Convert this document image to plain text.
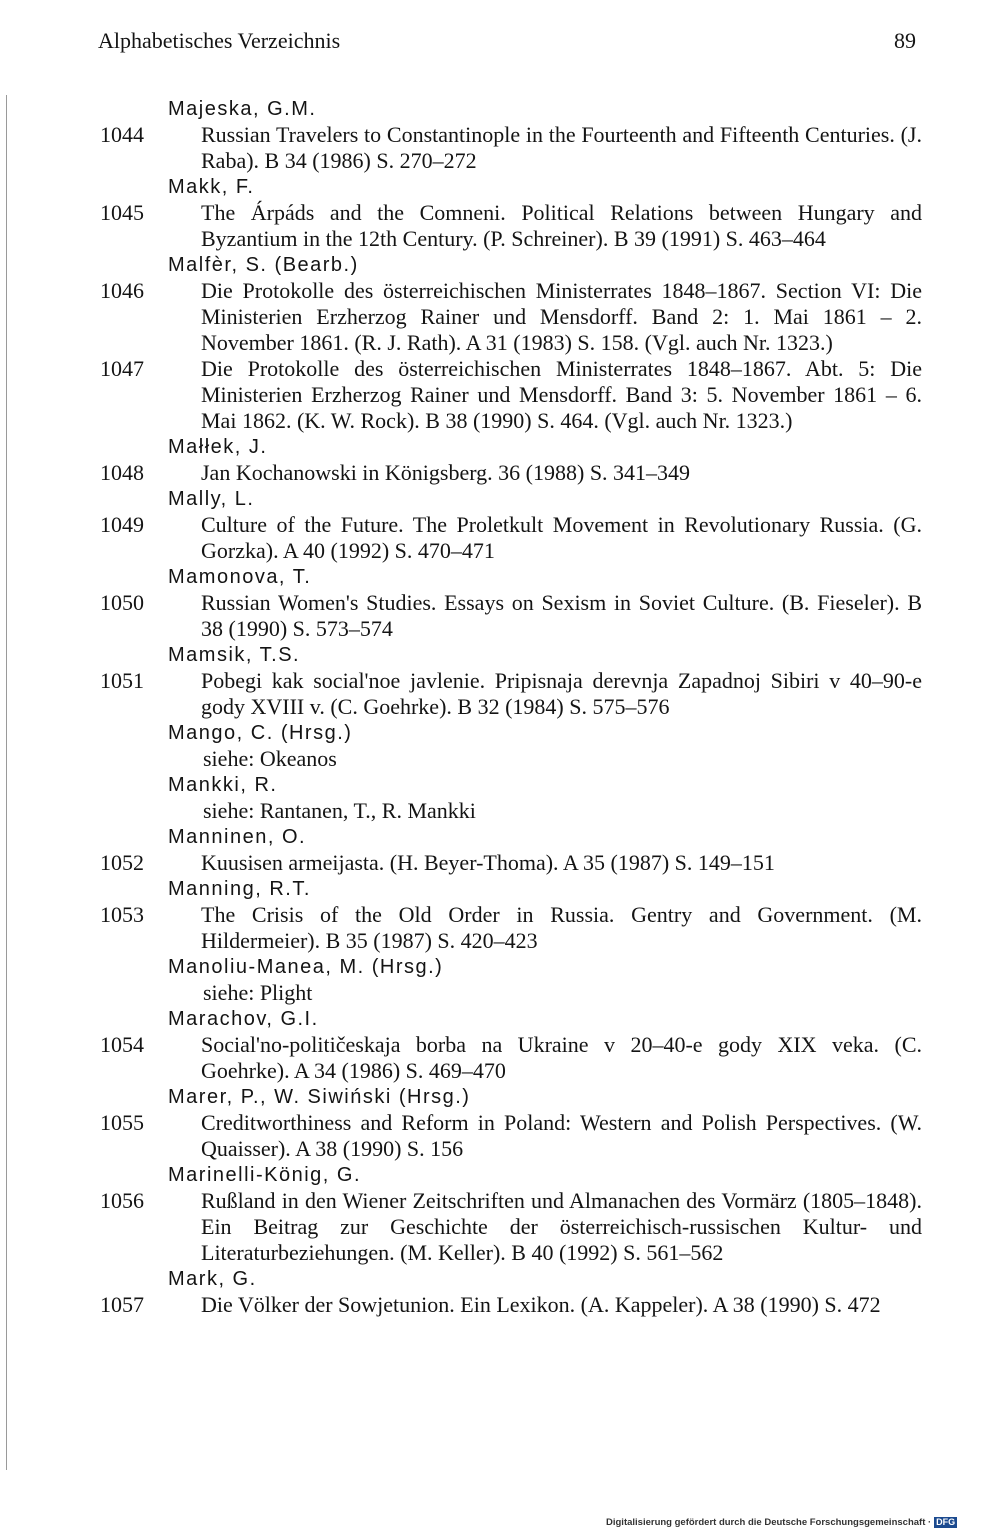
Alphabetisches Verzeichnis	89
Majeska, G.M.
1044	Russian Travelers to Constantinople in the Fourteenth and Fifteenth Centuries. (J. Raba). B 34 (1986) S. 270–272
Makk, F.
1045	The Árpáds and the Comneni. Political Relations between Hungary and Byzantium in the 12th Century. (P. Schreiner). B 39 (1991) S. 463–464
Malfèr, S. (Bearb.)
1046	Die Protokolle des österreichischen Ministerrates 1848–1867. Section VI: Die Ministerien Erzherzog Rainer und Mensdorff. Band 2: 1. Mai 1861 – 2. November 1861. (R. J. Rath). A 31 (1983) S. 158. (Vgl. auch Nr. 1323.)
1047	Die Protokolle des österreichischen Ministerrates 1848–1867. Abt. 5: Die Ministerien Erzherzog Rainer und Mensdorff. Band 3: 5. November 1861 – 6. Mai 1862. (K. W. Rock). B 38 (1990) S. 464. (Vgl. auch Nr. 1323.)
Małłek, J.
1048	Jan Kochanowski in Königsberg. 36 (1988) S. 341–349
Mally, L.
1049	Culture of the Future. The Proletkult Movement in Revolutionary Russia. (G. Gorzka). A 40 (1992) S. 470–471
Mamonova, T.
1050	Russian Women's Studies. Essays on Sexism in Soviet Culture. (B. Fieseler). B 38 (1990) S. 573–574
Mamsik, T.S.
1051	Pobegi kak social'noe javlenie. Pripisnaja derevnja Zapadnoj Sibiri v 40–90-e gody XVIII v. (C. Goehrke). B 32 (1984) S. 575–576
Mango, C. (Hrsg.)
siehe: Okeanos
Mankki, R.
siehe: Rantanen, T., R. Mankki
Manninen, O.
1052	Kuusisen armeijasta. (H. Beyer-Thoma). A 35 (1987) S. 149–151
Manning, R.T.
1053	The Crisis of the Old Order in Russia. Gentry and Government. (M. Hildermeier). B 35 (1987) S. 420–423
Manoliu-Manea, M. (Hrsg.)
siehe: Plight
Marachov, G.I.
1054	Social'no-političeskaja borba na Ukraine v 20–40-e gody XIX veka. (C. Goehrke). A 34 (1986) S. 469–470
Marer, P., W. Siwiński (Hrsg.)
1055	Creditworthiness and Reform in Poland: Western and Polish Perspectives. (W. Quaisser). A 38 (1990) S. 156
Marinelli-König, G.
1056	Rußland in den Wiener Zeitschriften und Almanachen des Vormärz (1805–1848). Ein Beitrag zur Geschichte der österreichisch-russischen Kultur- und Literaturbeziehungen. (M. Keller). B 40 (1992) S. 561–562
Mark, G.
1057	Die Völker der Sowjetunion. Ein Lexikon. (A. Kappeler). A 38 (1990) S. 472
Digitalisierung gefördert durch die Deutsche Forschungsgemeinschaft · DFG
